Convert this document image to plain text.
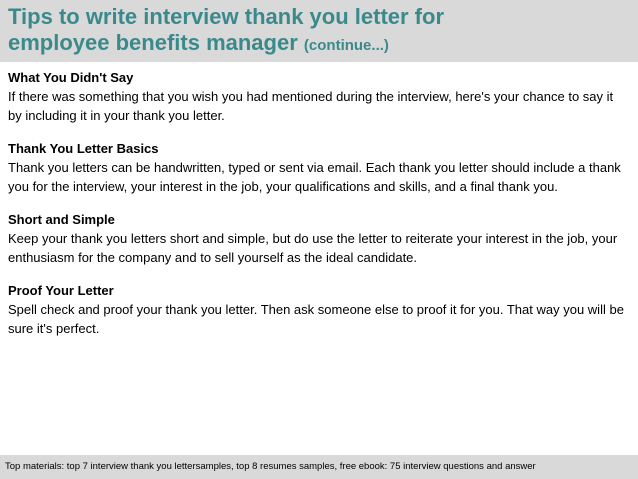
Tips to write interview thank you letter for
employee benefits manager (continue...)

What You Didn't Say

If there was something that you wish you had mentioned during the interview, here's your chance to say it by including it in your thank you letter.

Thank You Letter Basics

Thank you letters can be handwritten, typed or sent via email. Each thank you letter should include a thank you for the interview, your interest in the job, your qualifications and skills, and a final thank you.

Short and Simple

Keep your thank you letters short and simple, but do use the letter to reiterate your interest in the job, your enthusiasm for the company and to sell yourself as the ideal candidate.

Proof Your Letter

Spell check and proof your thank you letter. Then ask someone else to proof it for you. That way you will be sure it's perfect.

Top materials: top 7 interview thank you lettersamples, top 8 resumes samples, free ebook: 75 interview questions and answer
